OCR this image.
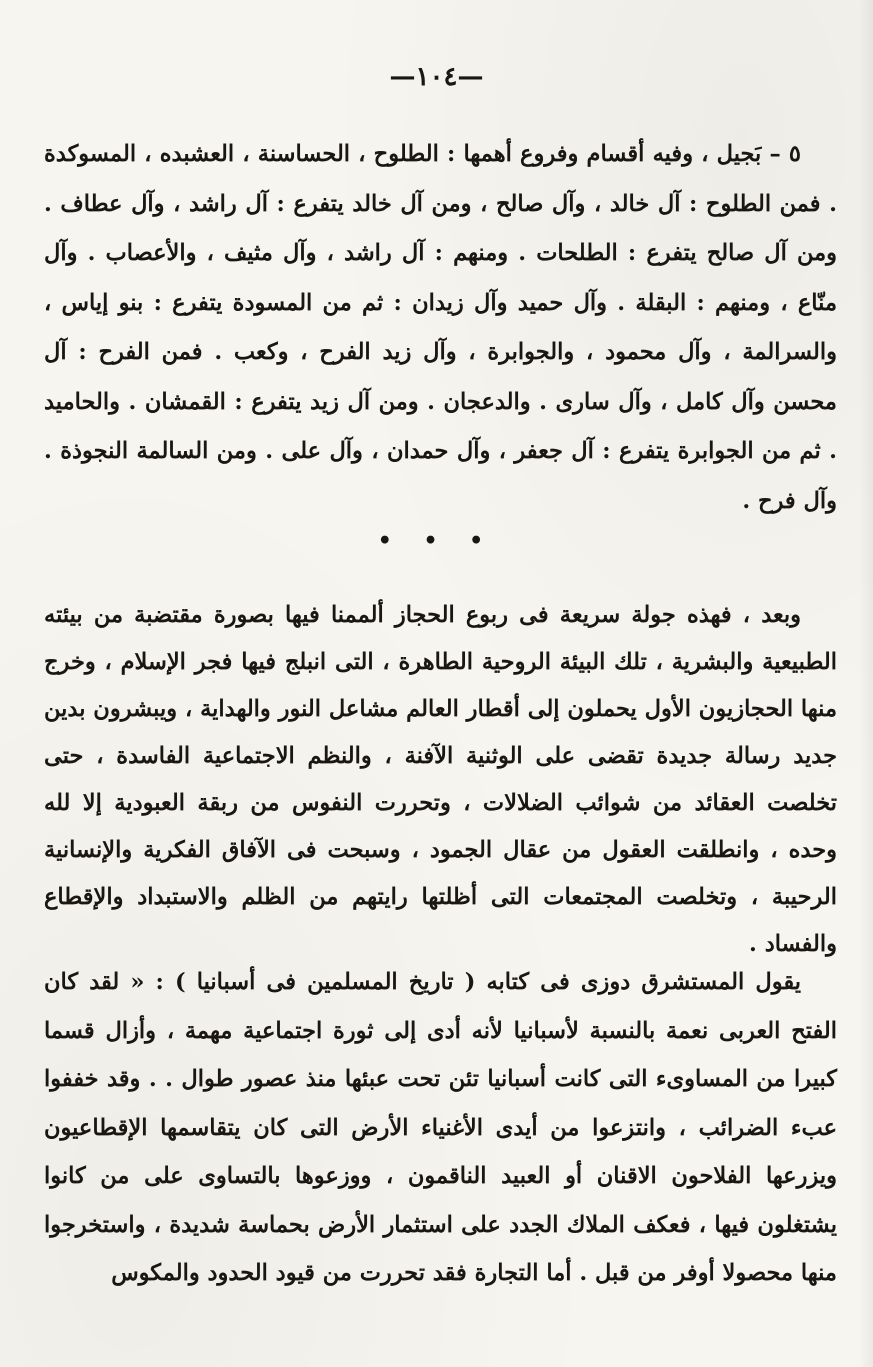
—١٠٤—

٥ – بَجيل ، وفيه أقسام وفروع أهمها : الطلوح ، الحساسنة ، العشبده ، المسوكدة . فمن الطلوح : آل خالد ، وآل صالح ، ومن آل خالد يتفرع : آل راشد ، وآل عطاف . ومن آل صالح يتفرع : الطلحات . ومنهم : آل راشد ، وآل مثيف ، والأعصاب . وآل منّاع ، ومنهم : البقلة . وآل حميد وآل زيدان : ثم من المسودة يتفرع : بنو إياس ، والسرالمة ، وآل محمود ، والجوابرة ، وآل زيد الفرح ، وكعب . فمن الفرح : آل محسن وآل كامل ، وآل سارى . والدعجان . ومن آل زيد يتفرع : القمشان . والحاميد . ثم من الجوابرة يتفرع : آل جعفر ، وآل حمدان ، وآل على . ومن السالمة النجوذة . وآل فرح .

• • •

وبعد ، فهذه جولة سريعة فى ربوع الحجاز ألممنا فيها بصورة مقتضبة من بيئته الطبيعية والبشرية ، تلك البيئة الروحية الطاهرة ، التى انبلج فيها فجر الإسلام ، وخرج منها الحجازيون الأول يحملون إلى أقطار العالم مشاعل النور والهداية ، ويبشرون بدين جديد رسالة جديدة تقضى على الوثنية الآفنة ، والنظم الاجتماعية الفاسدة ، حتى تخلصت العقائد من شوائب الضلالات ، وتحررت النفوس من ربقة العبودية إلا لله وحده ، وانطلقت العقول من عقال الجمود ، وسبحت فى الآفاق الفكرية والإنسانية الرحيبة ، وتخلصت المجتمعات التى أظلتها رايتهم من الظلم والاستبداد والإقطاع والفساد .

يقول المستشرق دوزى فى كتابه ( تاريخ المسلمين فى أسبانيا ) : « لقد كان الفتح العربى نعمة بالنسبة لأسبانيا لأنه أدى إلى ثورة اجتماعية مهمة ، وأزال قسما كبيرا من المساوىء التى كانت أسبانيا تئن تحت عبئها منذ عصور طوال . . وقد خففوا عبء الضرائب ، وانتزعوا من أيدى الأغنياء الأرض التى كان يتقاسمها الإقطاعيون ويزرعها الفلاحون الاقنان أو العبيد الناقمون ، ووزعوها بالتساوى على من كانوا يشتغلون فيها ، فعكف الملاك الجدد على استثمار الأرض بحماسة شديدة ، واستخرجوا منها محصولا أوفر من قبل . أما التجارة فقد تحررت من قيود الحدود والمكوس
